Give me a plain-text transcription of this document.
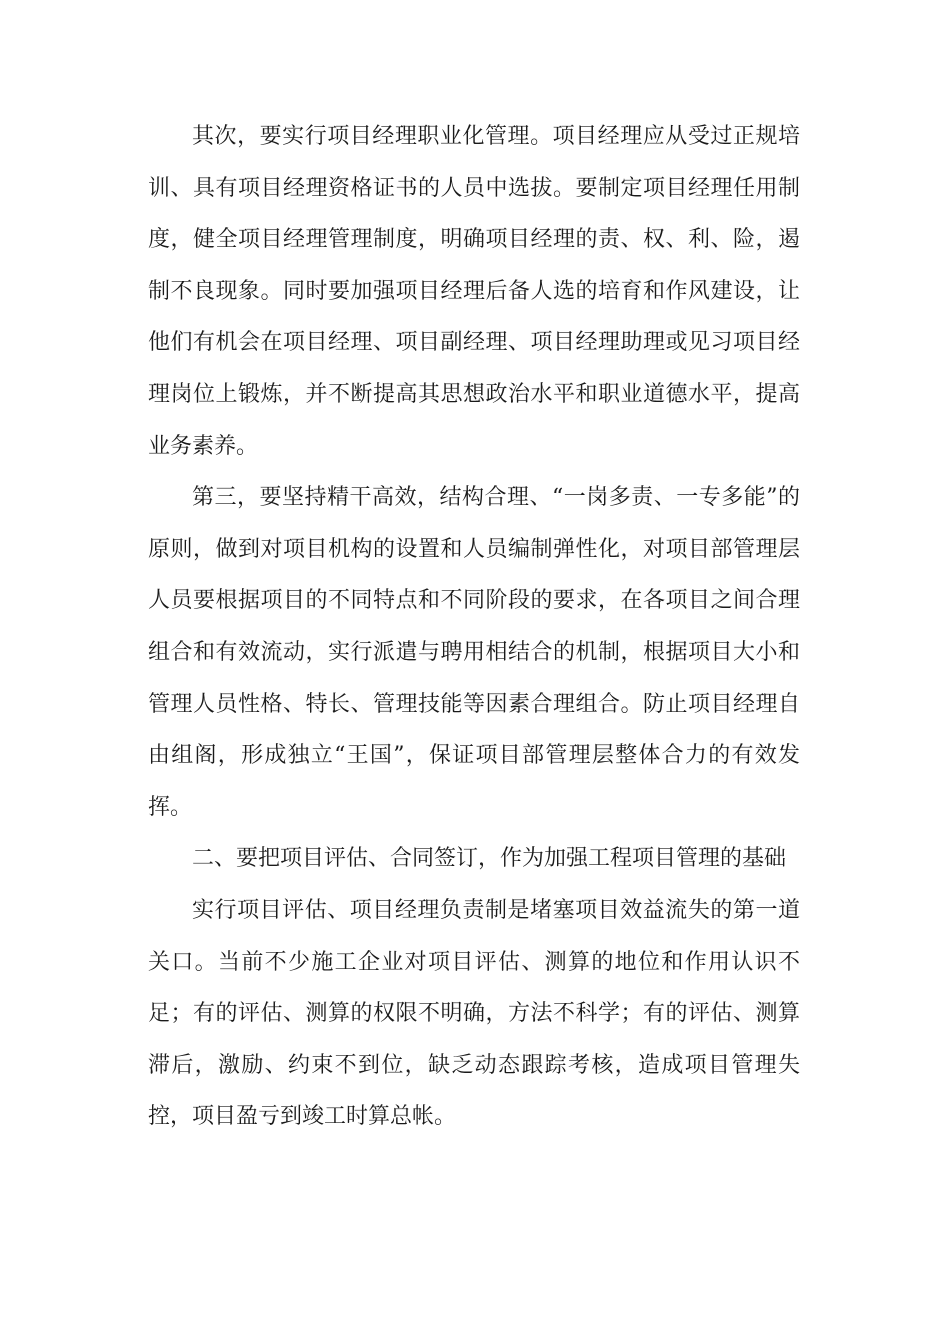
其次，要实行项目经理职业化管理。项目经理应从受过正规培训、具有项目经理资格证书的人员中选拔。要制定项目经理任用制度，健全项目经理管理制度，明确项目经理的责、权、利、险，遏制不良现象。同时要加强项目经理后备人选的培育和作风建设，让他们有机会在项目经理、项目副经理、项目经理助理或见习项目经理岗位上锻炼，并不断提高其思想政治水平和职业道德水平，提高业务素养。

第三，要坚持精干高效，结构合理、“一岗多责、一专多能”的原则，做到对项目机构的设置和人员编制弹性化，对项目部管理层人员要根据项目的不同特点和不同阶段的要求，在各项目之间合理组合和有效流动，实行派遣与聘用相结合的机制，根据项目大小和管理人员性格、特长、管理技能等因素合理组合。防止项目经理自由组阁，形成独立“王国”，保证项目部管理层整体合力的有效发挥。

二、要把项目评估、合同签订，作为加强工程项目管理的基础

实行项目评估、项目经理负责制是堵塞项目效益流失的第一道关口。当前不少施工企业对项目评估、测算的地位和作用认识不足；有的评估、测算的权限不明确，方法不科学；有的评估、测算滞后，激励、约束不到位，缺乏动态跟踪考核，造成项目管理失控，项目盈亏到竣工时算总帐。
